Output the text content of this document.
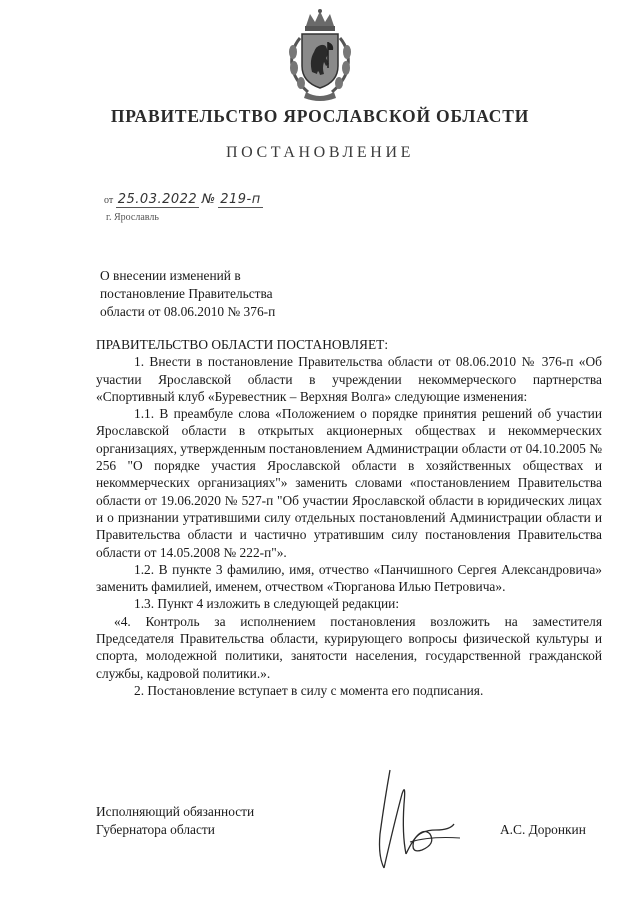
ПРАВИТЕЛЬСТВО ЯРОСЛАВСКОЙ ОБЛАСТИ
ПОСТАНОВЛЕНИЕ
от 25.03.2022 № 219-п
г. Ярославль
О внесении изменений в
постановление Правительства
области от 08.06.2010 № 376-п

ПРАВИТЕЛЬСТВО ОБЛАСТИ ПОСТАНОВЛЯЕТ:

1. Внести в постановление Правительства области от 08.06.2010 № 376-п «Об участии Ярославской области в учреждении некоммерческого партнерства «Спортивный клуб «Буревестник – Верхняя Волга» следующие изменения:

1.1. В преамбуле слова «Положением о порядке принятия решений об участии Ярославской области в открытых акционерных обществах и некоммерческих организациях, утвержденным постановлением Администрации области от 04.10.2005 № 256 "О порядке участия Ярославской области в хозяйственных обществах и некоммерческих организациях"» заменить словами «постановлением Правительства области от 19.06.2020 № 527-п "Об участии Ярославской области в юридических лицах и о признании утратившими силу отдельных постановлений Администрации области и Правительства области и частично утратившим силу постановления Правительства области от 14.05.2008 № 222-п"».

1.2. В пункте 3 фамилию, имя, отчество «Панчишного Сергея Александровича» заменить фамилией, именем, отчеством «Тюрганова Илью Петровича».

1.3. Пункт 4 изложить в следующей редакции:

«4. Контроль за исполнением постановления возложить на заместителя Председателя Правительства области, курирующего вопросы физической культуры и спорта, молодежной политики, занятости населения, государственной гражданской службы, кадровой политики.».

2. Постановление вступает в силу с момента его подписания.

Исполняющий обязанности
Губернатора области	А.С. Доронкин
